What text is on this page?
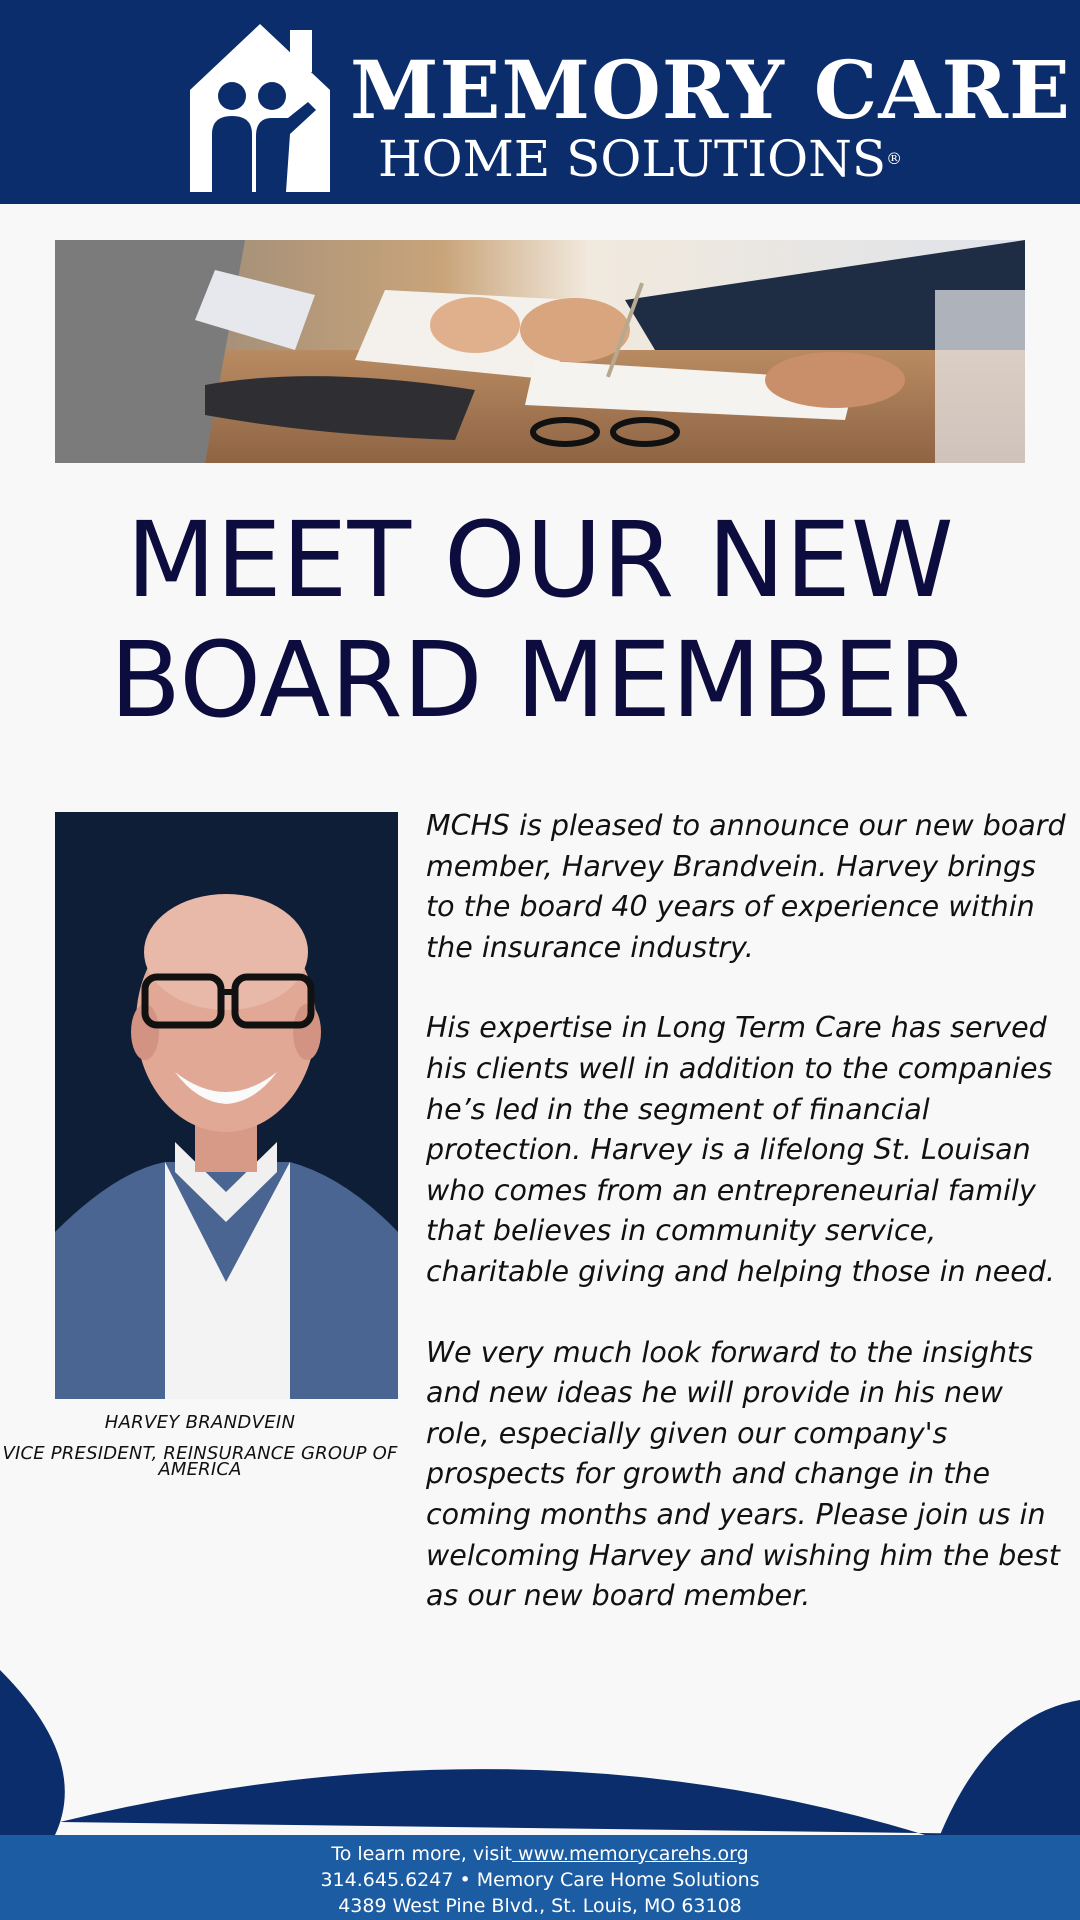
MEMORY CARE
HOME SOLUTIONS®
MEET OUR NEW
BOARD MEMBER
HARVEY BRANDVEIN
VICE PRESIDENT, REINSURANCE GROUP OF AMERICA

MCHS is pleased to announce our new board member, Harvey Brandvein. Harvey brings to the board 40 years of experience within the insurance industry.

His expertise in Long Term Care has served his clients well in addition to the companies he’s led in the segment of financial protection. Harvey is a lifelong St. Louisan who comes from an entrepreneurial family that believes in community service, charitable giving and helping those in need.

We very much look forward to the insights and new ideas he will provide in his new role, especially given our company's prospects for growth and change in the coming months and years. Please join us in welcoming Harvey and wishing him the best as our new board member.

To learn more, visit www.memorycarehs.org
314.645.6247 • Memory Care Home Solutions
4389 West Pine Blvd., St. Louis, MO 63108
